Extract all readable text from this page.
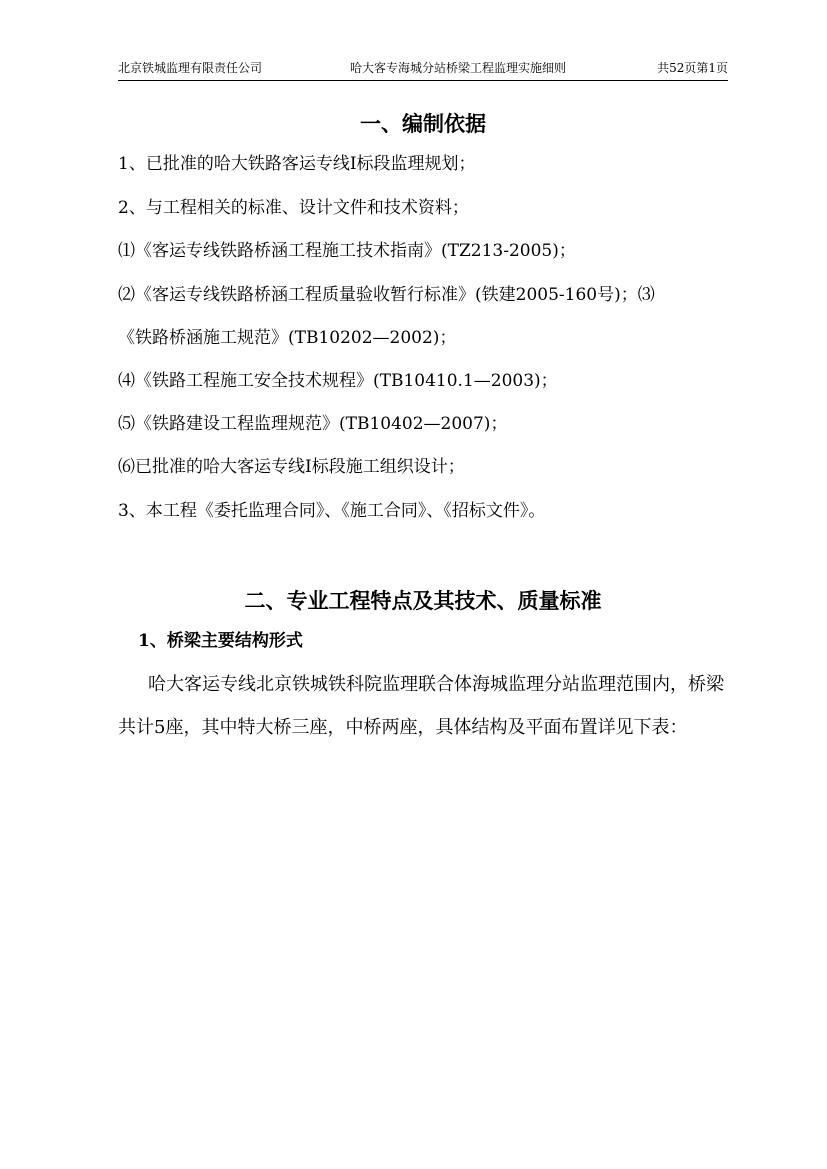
北京铁城监理有限责任公司	哈大客专海城分站桥梁工程监理实施细则	共52页第1页
一、编制依据
1、已批准的哈大铁路客运专线Ⅰ标段监理规划；
2、与工程相关的标准、设计文件和技术资料；
⑴《客运专线铁路桥涵工程施工技术指南》(TZ213-2005)；
⑵《客运专线铁路桥涵工程质量验收暂行标准》(铁建2005-160号)；⑶
《铁路桥涵施工规范》(TB10202—2002)；
⑷《铁路工程施工安全技术规程》(TB10410.1—2003)；
⑸《铁路建设工程监理规范》(TB10402—2007)；
⑹已批准的哈大客运专线Ⅰ标段施工组织设计；
3、本工程《委托监理合同》、《施工合同》、《招标文件》。
二、专业工程特点及其技术、质量标准
1、桥梁主要结构形式
哈大客运专线北京铁城铁科院监理联合体海城监理分站监理范围内，桥梁共计5座，其中特大桥三座，中桥两座，具体结构及平面布置详见下表：
